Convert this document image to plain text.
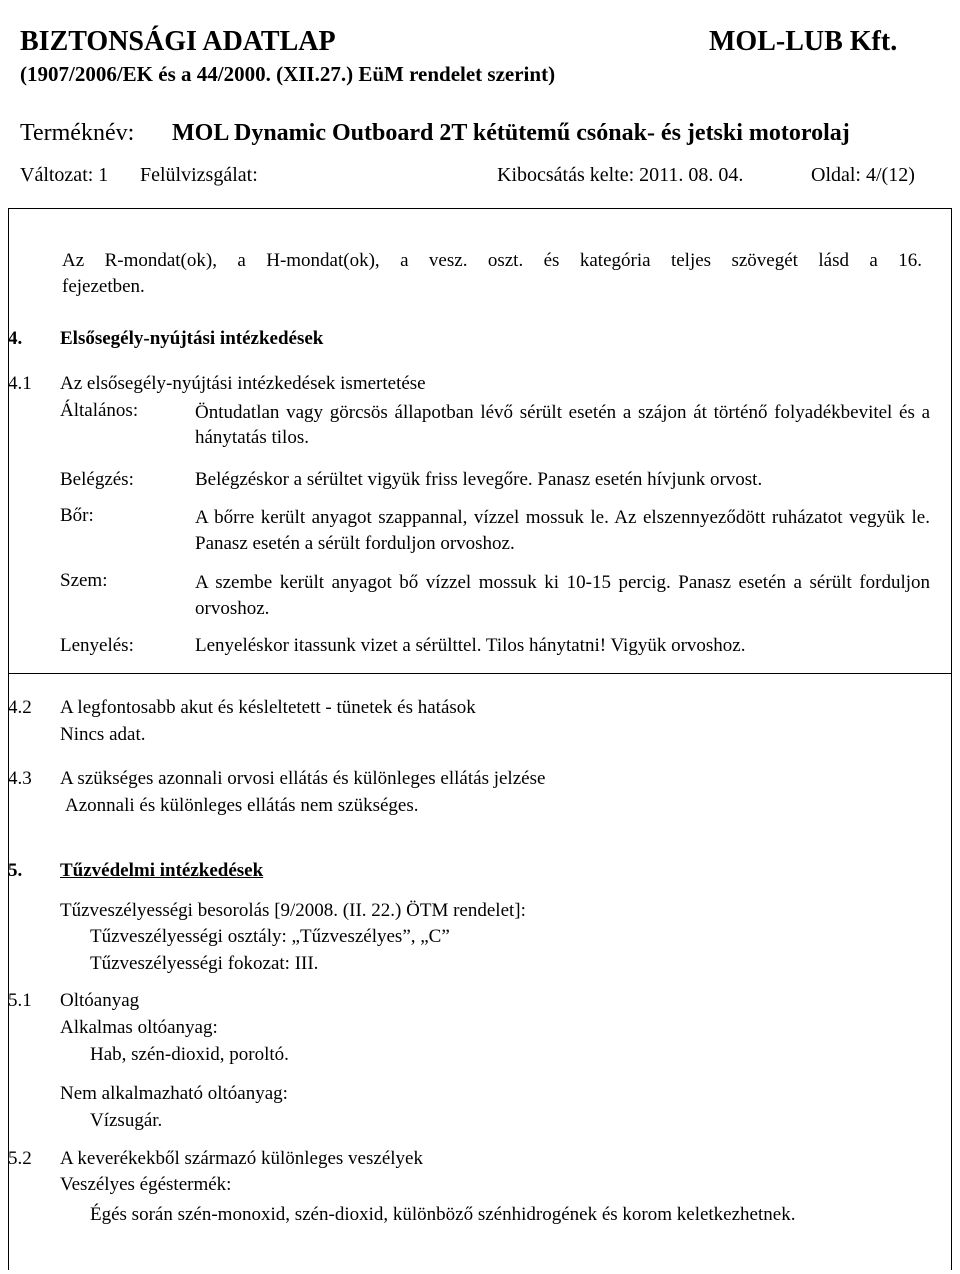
BIZTONSÁGI ADATLAP	MOL-LUB Kft.
(1907/2006/EK és a 44/2000. (XII.27.) EüM rendelet szerint)
Terméknév: MOL Dynamic Outboard 2T kétütemű csónak- és jetski motorolaj
Változat: 1 Felülvizsgálat:	Kibocsátás kelte: 2011. 08. 04.	Oldal: 4/(12)
Az R-mondat(ok), a H-mondat(ok), a vesz. oszt. és kategória teljes szövegét lásd a 16.
fejezetben.
4. Elsősegély-nyújtási intézkedések
4.1 Az elsősegély-nyújtási intézkedések ismertetése
Általános:	Öntudatlan vagy görcsös állapotban lévő sérült esetén a szájon át történő folyadékbevitel és a hánytatás tilos.
Belégzés:	Belégzéskor a sérültet vigyük friss levegőre. Panasz esetén hívjunk orvost.
Bőr:	A bőrre került anyagot szappannal, vízzel mossuk le. Az elszennyeződött ruházatot vegyük le. Panasz esetén a sérült forduljon orvoshoz.
Szem:	A szembe került anyagot bő vízzel mossuk ki 10-15 percig. Panasz esetén a sérült forduljon orvoshoz.
Lenyelés:	Lenyeléskor itassunk vizet a sérülttel. Tilos hánytatni! Vigyük orvoshoz.
4.2 A legfontosabb akut és késleltetett - tünetek és hatások
Nincs adat.
4.3 A szükséges azonnali orvosi ellátás és különleges ellátás jelzése
Azonnali és különleges ellátás nem szükséges.
5. Tűzvédelmi intézkedések
Tűzveszélyességi besorolás [9/2008. (II. 22.) ÖTM rendelet]:
Tűzveszélyességi osztály: „Tűzveszélyes”, „C”
Tűzveszélyességi fokozat: III.
5.1 Oltóanyag
Alkalmas oltóanyag:
Hab, szén-dioxid, poroltó.
Nem alkalmazható oltóanyag:
Vízsugár.
5.2 A keverékekből származó különleges veszélyek
Veszélyes égéstermék:
Égés során szén-monoxid, szén-dioxid, különböző szénhidrogének és korom keletkezhetnek.
